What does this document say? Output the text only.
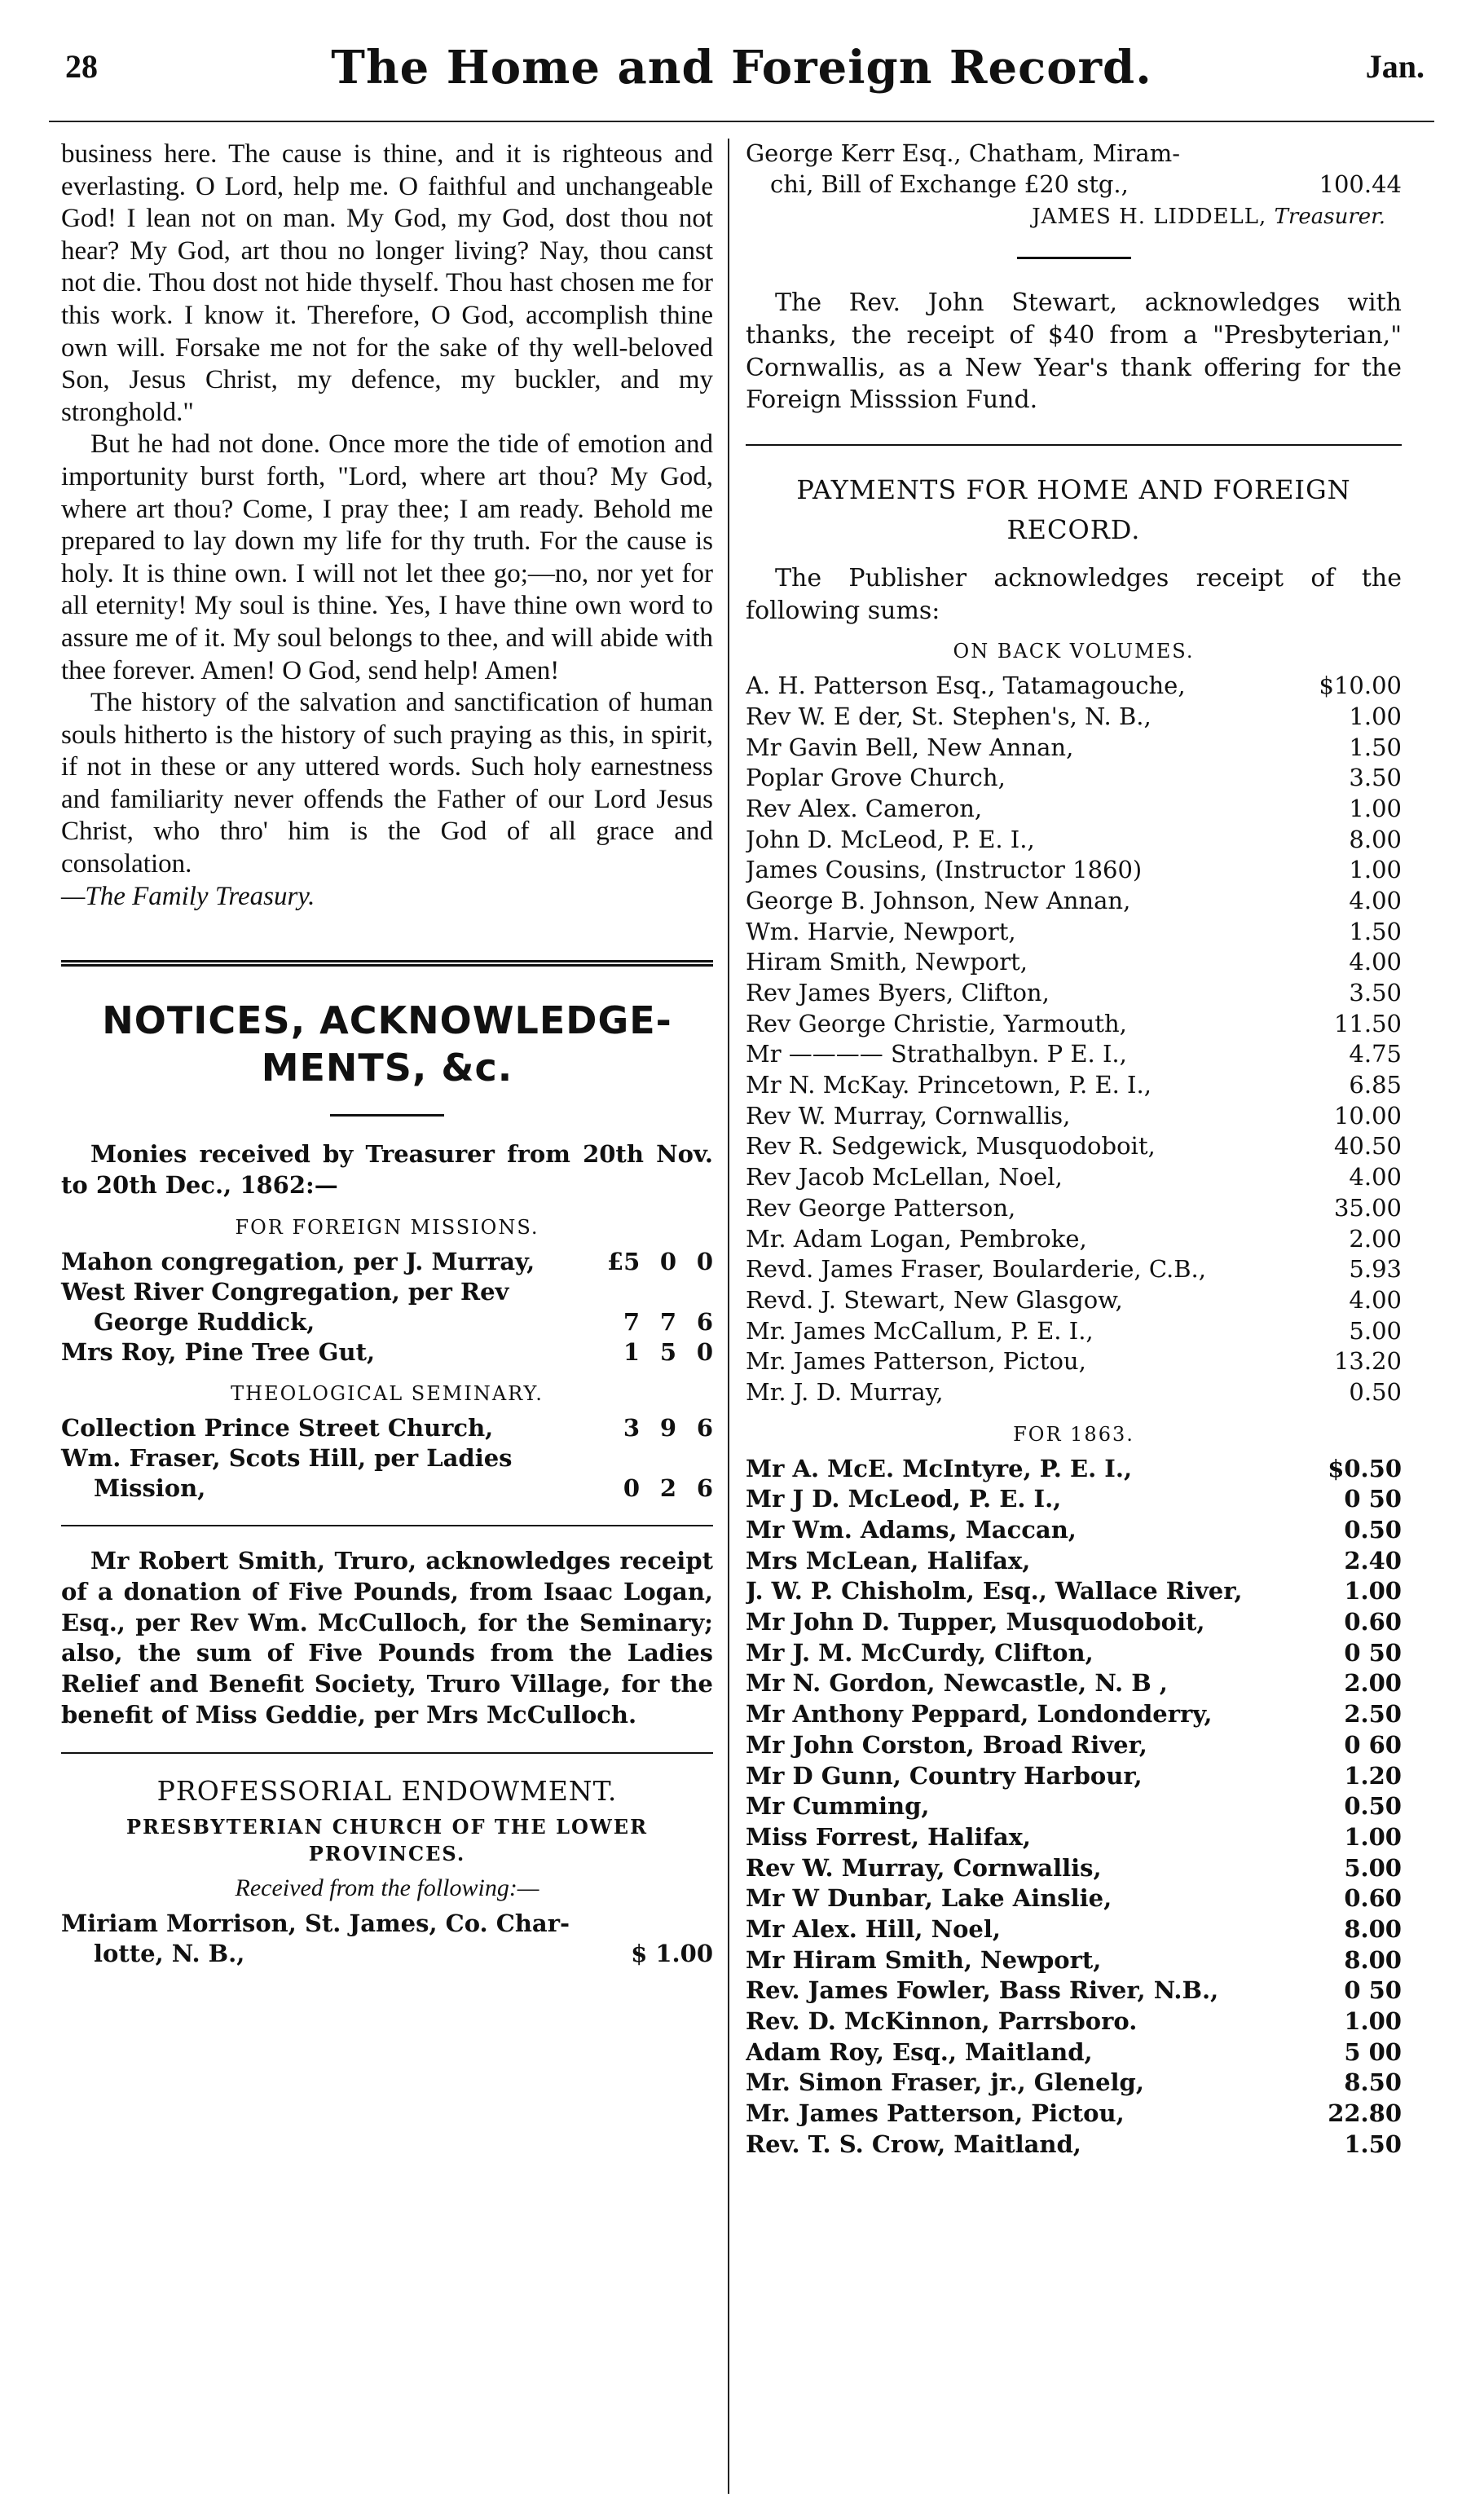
28	The Home and Foreign Record.	Jan.

business here. The cause is thine, and it is righteous and everlasting. O Lord, help me. O faithful and unchangeable God! I lean not on man. My God, my God, dost thou not hear? My God, art thou no longer living? Nay, thou canst not die. Thou dost not hide thyself. Thou hast chosen me for this work. I know it. Therefore, O God, accomplish thine own will. Forsake me not for the sake of thy well-beloved Son, Jesus Christ, my defence, my buckler, and my stronghold."

But he had not done. Once more the tide of emotion and importunity burst forth, "Lord, where art thou? My God, where art thou? Come, I pray thee; I am ready. Behold me prepared to lay down my life for thy truth. For the cause is holy. It is thine own. I will not let thee go;—no, nor yet for all eternity! My soul is thine. Yes, I have thine own word to assure me of it. My soul belongs to thee, and will abide with thee forever. Amen! O God, send help! Amen!

The history of the salvation and sanctification of human souls hitherto is the history of such praying as this, in spirit, if not in these or any uttered words. Such holy earnestness and familiarity never offends the Father of our Lord Jesus Christ, who thro' him is the God of all grace and consolation.

—The Family Treasury.

NOTICES, ACKNOWLEDGE-
MENTS, &c.

Monies received by Treasurer from 20th Nov. to 20th Dec., 1862:—

FOR FOREIGN MISSIONS.
Mahon congregation, per J. Murray,	£5 0 0
West River Congregation, per Rev
George Ruddick,	7 7 6
Mrs Roy, Pine Tree Gut,	1 5 0
THEOLOGICAL SEMINARY.
Collection Prince Street Church,	3 9 6
Wm. Fraser, Scots Hill, per Ladies
Mission,	0 2 6

Mr Robert Smith, Truro, acknowledges receipt of a donation of Five Pounds, from Isaac Logan, Esq., per Rev Wm. McCulloch, for the Seminary; also, the sum of Five Pounds from the Ladies Relief and Benefit Society, Truro Village, for the benefit of Miss Geddie, per Mrs McCulloch.

PROFESSORIAL ENDOWMENT.
PRESBYTERIAN CHURCH OF THE LOWER PROVINCES.
Received from the following:—
Miriam Morrison, St. James, Co. Char-
lotte, N. B.,	$ 1.00
George Kerr Esq., Chatham, Miram-
chi, Bill of Exchange £20 stg.,	100.44
JAMES H. LIDDELL, Treasurer.

The Rev. John Stewart, acknowledges with thanks, the receipt of $40 from a "Presbyterian," Cornwallis, as a New Year's thank offering for the Foreign Misssion Fund.

PAYMENTS FOR HOME AND FOREIGN
RECORD.

The Publisher acknowledges receipt of the following sums:

ON BACK VOLUMES.
A. H. Patterson Esq., Tatamagouche,	$10.00
Rev W. E der, St. Stephen's, N. B.,	1.00
Mr Gavin Bell, New Annan,	1.50
Poplar Grove Church,	3.50
Rev Alex. Cameron,	1.00
John D. McLeod, P. E. I.,	8.00
James Cousins, (Instructor 1860)	1.00
George B. Johnson, New Annan,	4.00
Wm. Harvie, Newport,	1.50
Hiram Smith, Newport,	4.00
Rev James Byers, Clifton,	3.50
Rev George Christie, Yarmouth,	11.50
Mr ———— Strathalbyn. P E. I.,	4.75
Mr N. McKay. Princetown, P. E. I.,	6.85
Rev W. Murray, Cornwallis,	10.00
Rev R. Sedgewick, Musquodoboit,	40.50
Rev Jacob McLellan, Noel,	4.00
Rev George Patterson,	35.00
Mr. Adam Logan, Pembroke,	2.00
Revd. James Fraser, Boularderie, C.B.,	5.93
Revd. J. Stewart, New Glasgow,	4.00
Mr. James McCallum, P. E. I.,	5.00
Mr. James Patterson, Pictou,	13.20
Mr. J. D. Murray,	0.50
FOR 1863.
Mr A. McE. McIntyre, P. E. I.,	$0.50
Mr J D. McLeod, P. E. I.,	0 50
Mr Wm. Adams, Maccan,	0.50
Mrs McLean, Halifax,	2.40
J. W. P. Chisholm, Esq., Wallace River,	1.00
Mr John D. Tupper, Musquodoboit,	0.60
Mr J. M. McCurdy, Clifton,	0 50
Mr N. Gordon, Newcastle, N. B ,	2.00
Mr Anthony Peppard, Londonderry,	2.50
Mr John Corston, Broad River,	0 60
Mr D Gunn, Country Harbour,	1.20
Mr Cumming,	0.50
Miss Forrest, Halifax,	1.00
Rev W. Murray, Cornwallis,	5.00
Mr W Dunbar, Lake Ainslie,	0.60
Mr Alex. Hill, Noel,	8.00
Mr Hiram Smith, Newport,	8.00
Rev. James Fowler, Bass River, N.B.,	0 50
Rev. D. McKinnon, Parrsboro.	1.00
Adam Roy, Esq., Maitland,	5 00
Mr. Simon Fraser, jr., Glenelg,	8.50
Mr. James Patterson, Pictou,	22.80
Rev. T. S. Crow, Maitland,	1.50
